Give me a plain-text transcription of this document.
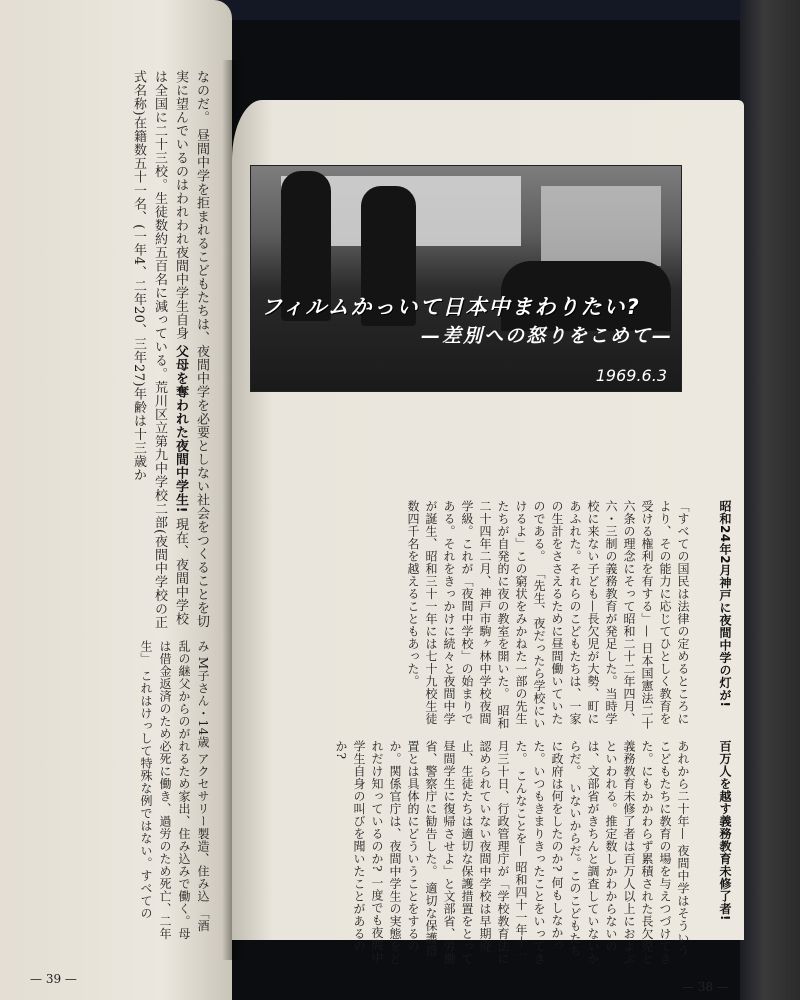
なのだ。 昼間中学を拒まれるこどもたちは、夜間中学を必要としない社会をつくることを切実に望んでいるのはわれわれ夜間中学生自身 父母を奪われた夜間中学生! 現在、夜間中学校は全国に二十三校。生徒数約五百名に減っている。荒川区立第九中学校二部(夜間中学校の正式名称)在籍数五十一名、(一年4、二年20、三年27)年齢は十三歳か
み M子さん・14歳 アクセサリー製造、住み込 「酒乱の継父からのがれるため家出、住み込みで働く。母は借金返済のため必死に働き、過労のため死亡、二年生」 これはけっして特殊な例ではない。すべての
— 39 —
昭和24年2月神戸に夜間中学の灯が!
「すべての国民は法律の定めるところにより、その能力に応じてひとしく教育を受ける権利を有する」— 日本国憲法二十六条の理念にそって昭和二十二年四月、六・三制の義務教育が発足した。当時学校に来ない子ども—長欠児が大勢、町にあふれた。それらのこどもたちは、一家の生計をささえるために昼間働いていたのである。 「先生、夜だったら学校にいけるよ」この窮状をみかねた一部の先生たちが自発的に夜の教室を開いた。 昭和二十四年二月、神戸市駒ヶ林中学校夜間学級。これが「夜間中学校」の始まりである。それをきっかけに続々と夜間中学が誕生、昭和三十一年には七十九校生徒数四千名を越えることもあった。
百万人を越す義務教育未修了者!
あれから二十年— 夜間中学はそういうこどもたちに教育の場を与えつづけてきた。にもかかわらず累積された長欠児と義務教育未修了者は百万人以上におよぶといわれる。推定数しかわからないのは、文部省がきちんと調査していないからだ。 いないからだ。このこどもたちに政府は何をしたのか? 何もしなかった。いつもきまりきったことをいってきた。 こんなことを— 昭和四十一年十一月三十日、行政管理庁が「学校教育法に認められていない夜間中学校は早期廃止、生徒たちは適切な保護措置をとって昼間学生に復帰させよ」と文部省、労働省、警察庁に勧告した。 適切な保護措置とは具体的にどういうことをするのか。関係官庁は、夜間中学生の実態をどれだけ知っているのか? 一度でも夜間中学生自身の叫びを聞いたことがあるのか?
— 38 —
フィルムかっいて日本中まわりたい?
—差別への怒りをこめて—
1969.6.3
